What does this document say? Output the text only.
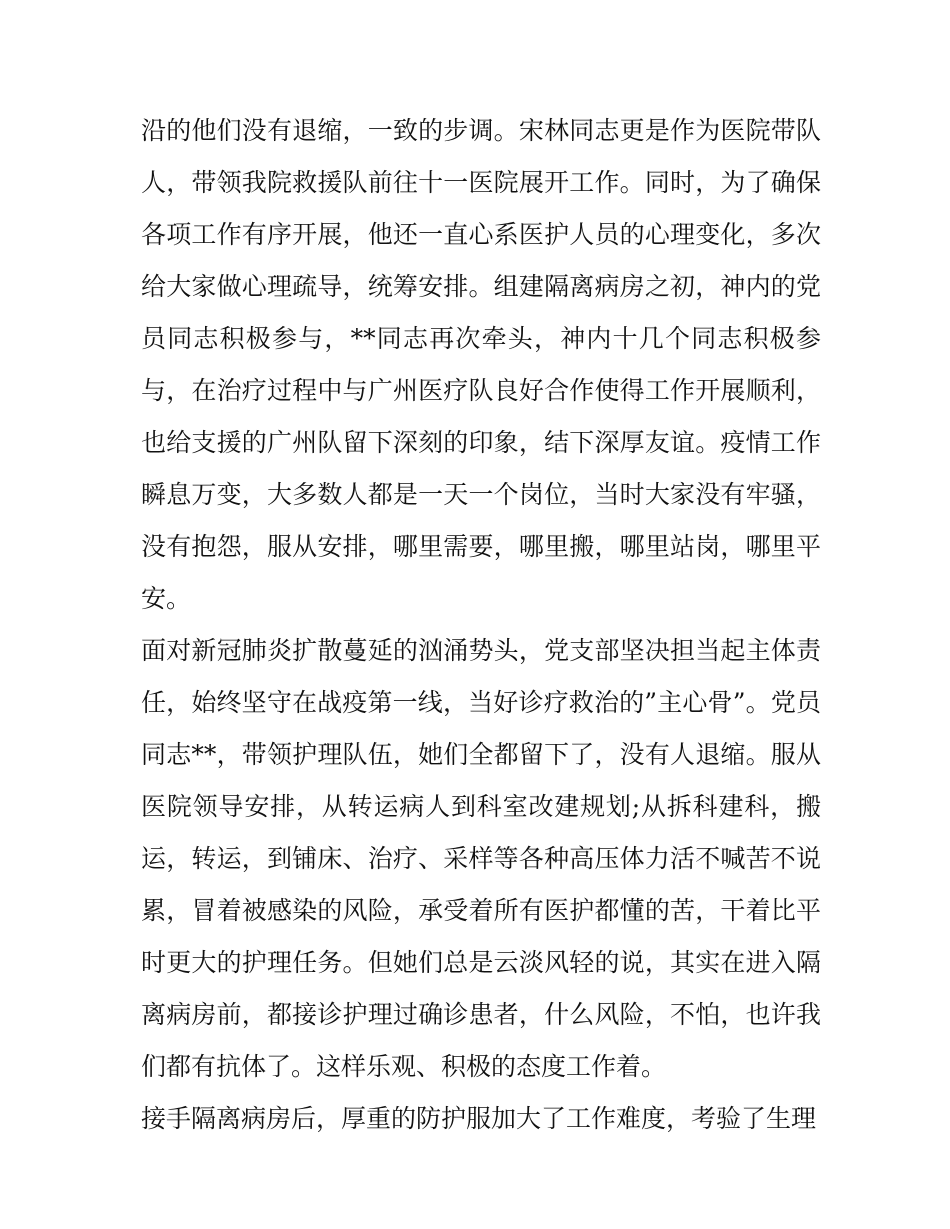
沿的他们没有退缩，一致的步调。宋林同志更是作为医院带队人，带领我院救援队前往十一医院展开工作。同时，为了确保各项工作有序开展，他还一直心系医护人员的心理变化，多次给大家做心理疏导，统筹安排。组建隔离病房之初，神内的党员同志积极参与，**同志再次牵头，神内十几个同志积极参与，在治疗过程中与广州医疗队良好合作使得工作开展顺利，也给支援的广州队留下深刻的印象，结下深厚友谊。疫情工作瞬息万变，大多数人都是一天一个岗位，当时大家没有牢骚，没有抱怨，服从安排，哪里需要，哪里搬，哪里站岗，哪里平安。

面对新冠肺炎扩散蔓延的汹涌势头，党支部坚决担当起主体责任，始终坚守在战疫第一线，当好诊疗救治的”主心骨”。党员同志**，带领护理队伍，她们全都留下了，没有人退缩。服从医院领导安排，从转运病人到科室改建规划;从拆科建科，搬运，转运，到铺床、治疗、采样等各种高压体力活不喊苦不说累，冒着被感染的风险，承受着所有医护都懂的苦，干着比平时更大的护理任务。但她们总是云淡风轻的说，其实在进入隔离病房前，都接诊护理过确诊患者，什么风险，不怕，也许我们都有抗体了。这样乐观、积极的态度工作着。

接手隔离病房后，厚重的防护服加大了工作难度，考验了生理
